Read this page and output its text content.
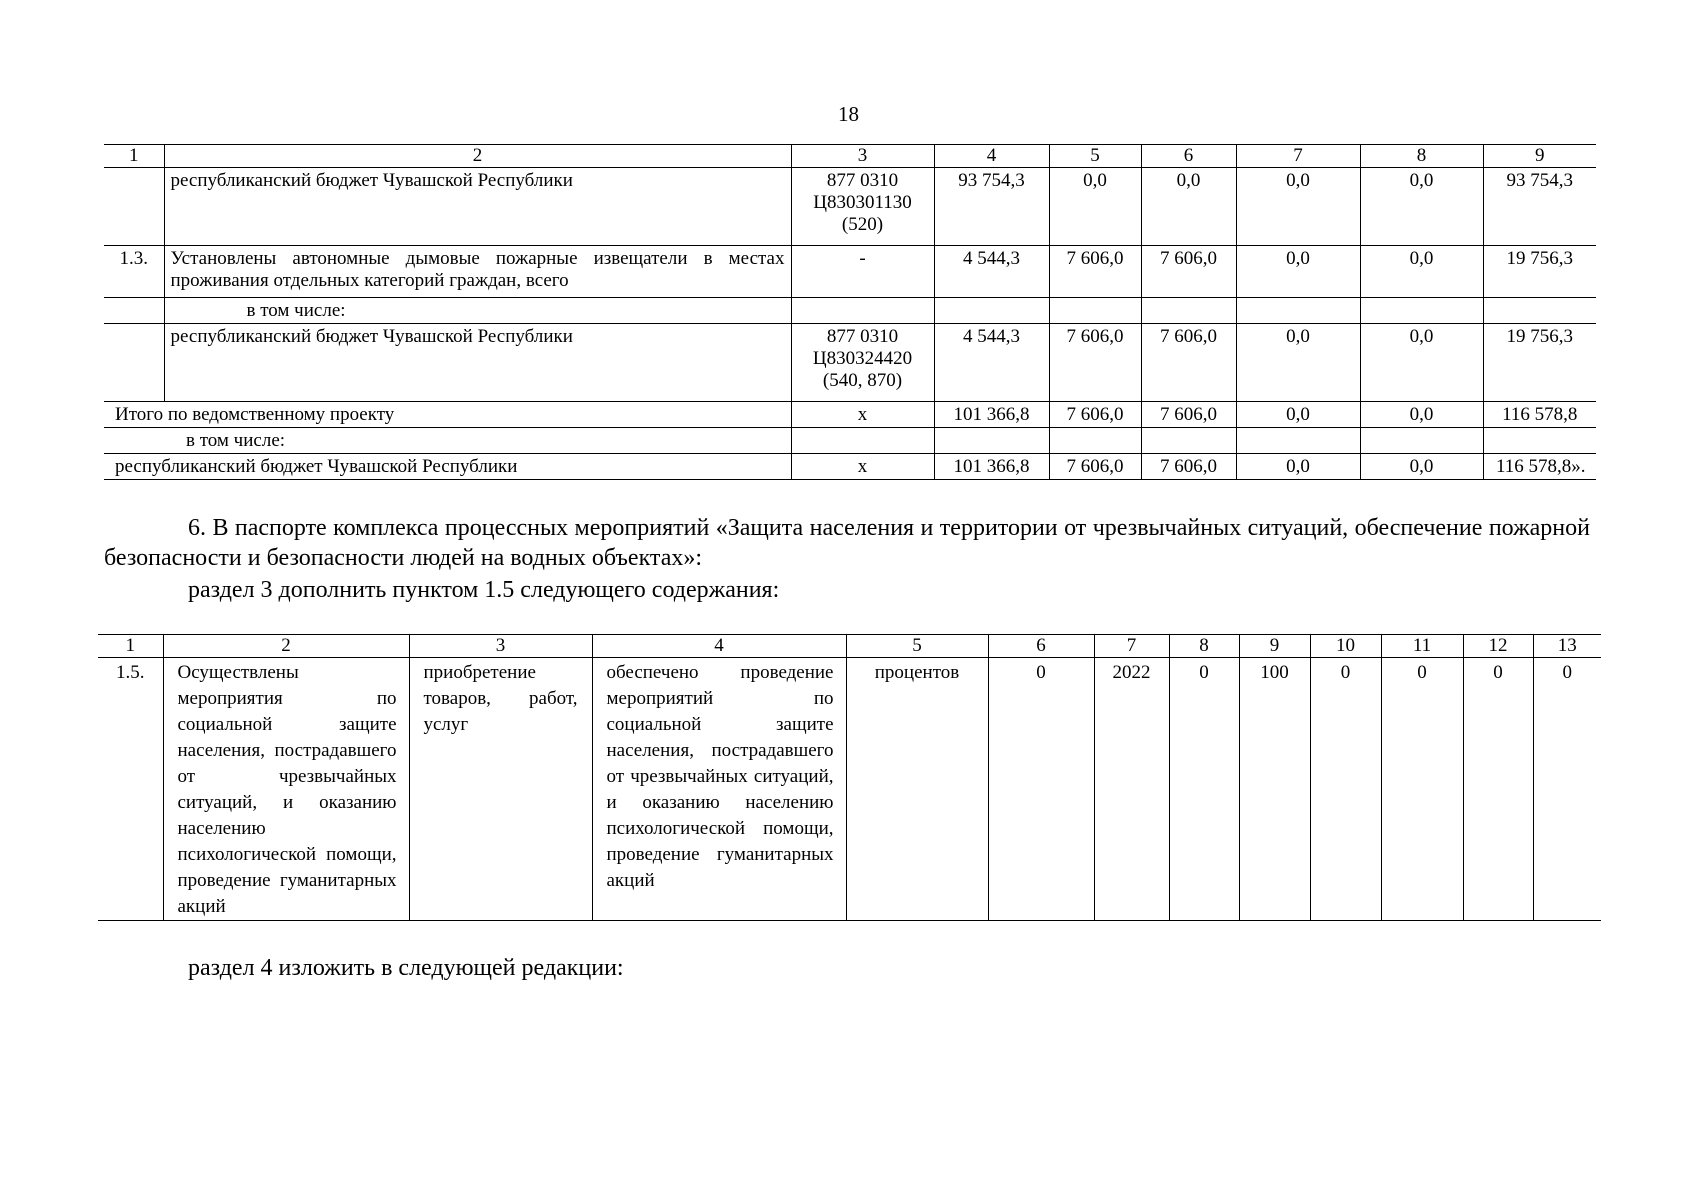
18
1	2	3	4	5	6	7	8	9
	республиканский бюджет Чувашской Республики	877 0310 Ц830301130 (520)	93 754,3	0,0	0,0	0,0	0,0	93 754,3
1.3.	Установлены автономные дымовые пожарные извещатели в местах проживания отдельных категорий граждан, всего	-	4 544,3	7 606,0	7 606,0	0,0	0,0	19 756,3
	в том числе:							
	республиканский бюджет Чувашской Республики	877 0310 Ц830324420 (540, 870)	4 544,3	7 606,0	7 606,0	0,0	0,0	19 756,3
Итого по ведомственному проекту		х	101 366,8	7 606,0	7 606,0	0,0	0,0	116 578,8
в том числе:								
республиканский бюджет Чувашской Республики		х	101 366,8	7 606,0	7 606,0	0,0	0,0	116 578,8».
6. В паспорте комплекса процессных мероприятий «Защита населения и территории от чрезвычайных ситуаций, обеспечение пожарной безопасности и безопасности людей на водных объектах»:
раздел 3 дополнить пунктом 1.5 следующего содержания:
1	2	3	4	5	6	7	8	9	10	11	12	13
1.5.	Осуществлены мероприятия по социальной защите населения, пострадавшего от чрезвычайных ситуаций, и оказанию населению психологической помощи, проведение гуманитарных акций	приобретение товаров, работ, услуг	обеспечено проведение мероприятий по социальной защите населения, пострадавшего от чрезвычайных ситуаций, и оказанию населению психологической помощи, проведение гуманитарных акций	процентов	0	2022	0	100	0	0	0	0
раздел 4 изложить в следующей редакции:
